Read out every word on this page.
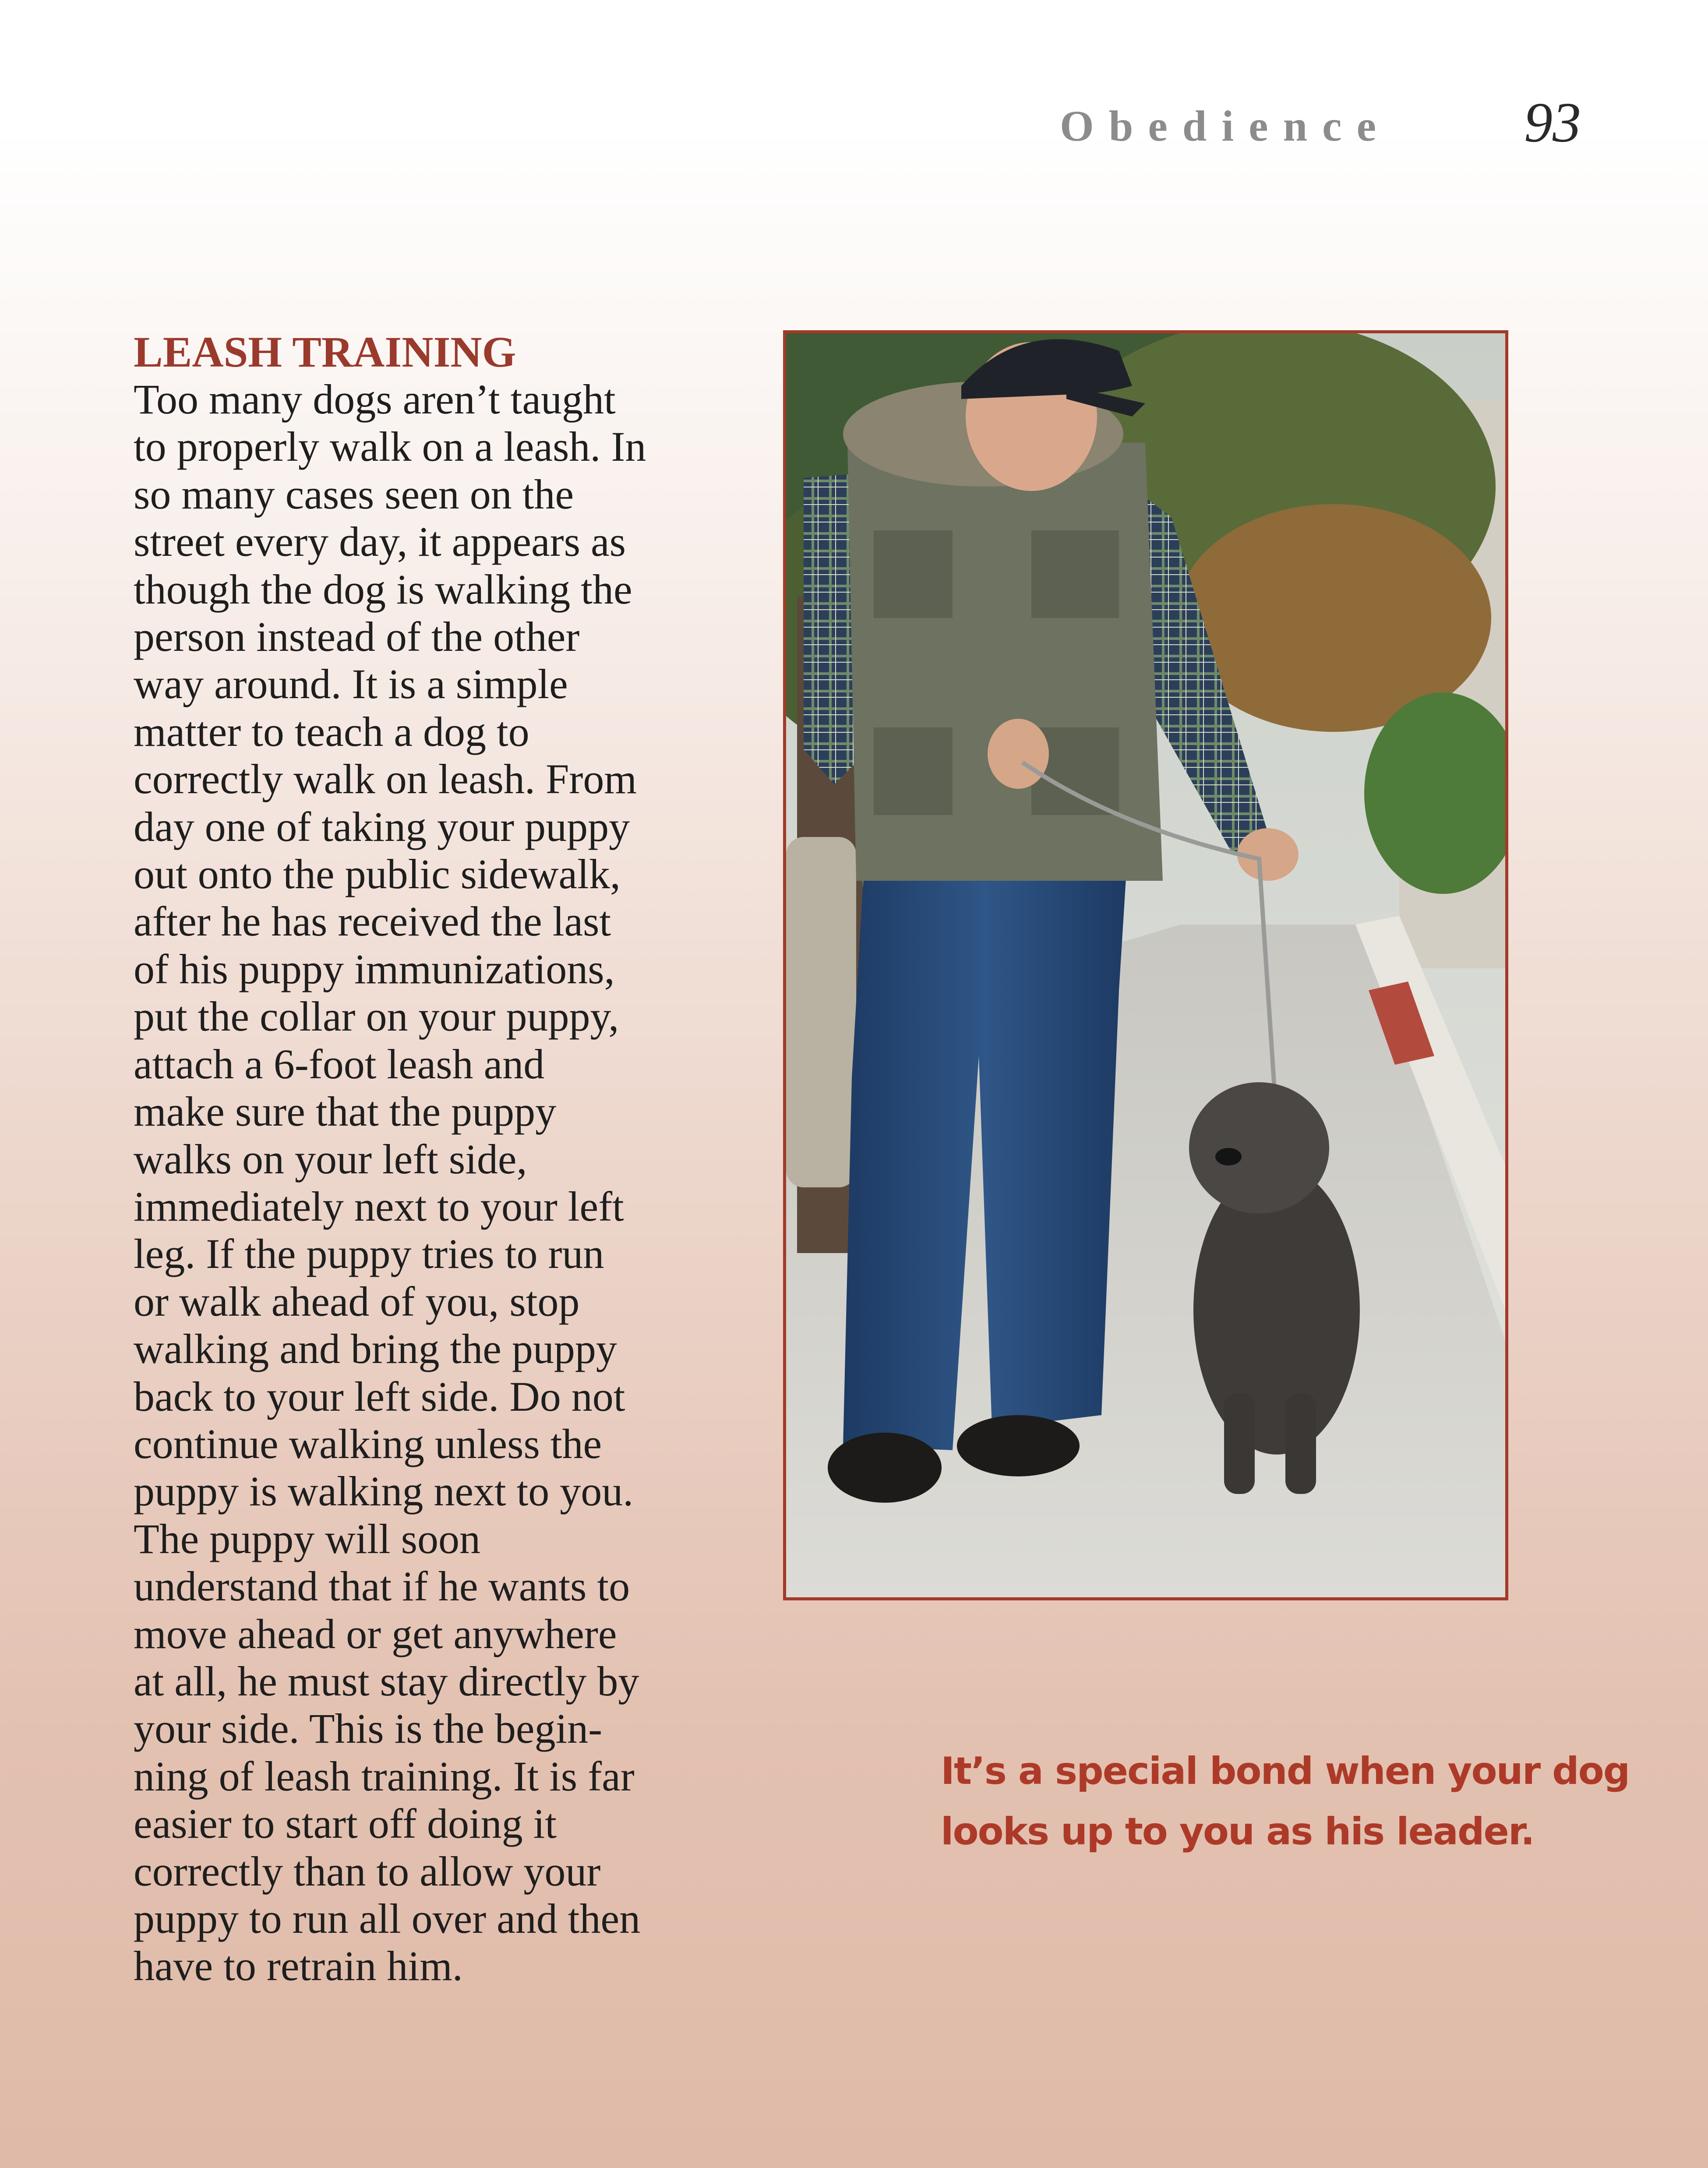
Obedience 93
LEASH TRAINING
Too many dogs aren’t taught
to properly walk on a leash. In
so many cases seen on the
street every day, it appears as
though the dog is walking the
person instead of the other
way around. It is a simple
matter to teach a dog to
correctly walk on leash. From
day one of taking your puppy
out onto the public sidewalk,
after he has received the last
of his puppy immunizations,
put the collar on your puppy,
attach a 6-foot leash and
make sure that the puppy
walks on your left side,
immediately next to your left
leg. If the puppy tries to run
or walk ahead of you, stop
walking and bring the puppy
back to your left side. Do not
continue walking unless the
puppy is walking next to you.
The puppy will soon
understand that if he wants to
move ahead or get anywhere
at all, he must stay directly by
your side. This is the begin-
ning of leash training. It is far
easier to start off doing it
correctly than to allow your
puppy to run all over and then
have to retrain him.
It’s a special bond when your dog
looks up to you as his leader.
